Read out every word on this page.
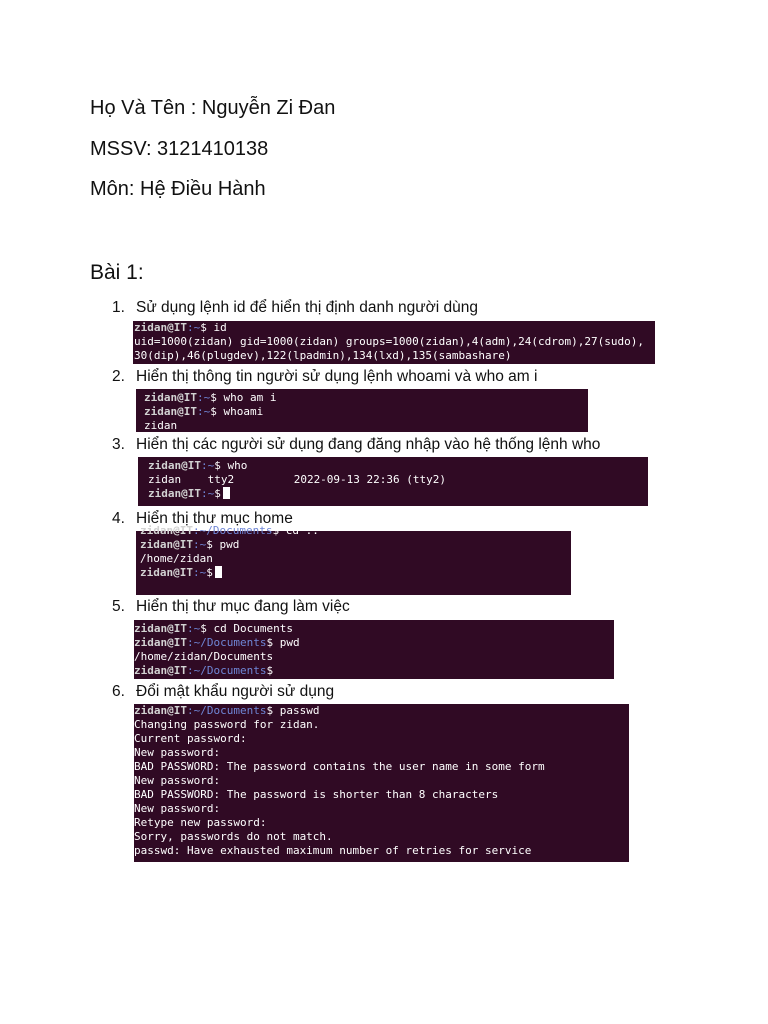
Họ Và Tên : Nguyễn Zi Đan
MSSV: 3121410138
Môn: Hệ Điều Hành
Bài 1:
1. Sử dụng lệnh id để hiển thị định danh người dùng
zidan@IT:~$ id
uid=1000(zidan) gid=1000(zidan) groups=1000(zidan),4(adm),24(cdrom),27(sudo),
30(dip),46(plugdev),122(lpadmin),134(lxd),135(sambashare)
2. Hiển thị thông tin người sử dụng lệnh whoami và who am i
zidan@IT:~$ who am i
zidan@IT:~$ whoami
zidan
3. Hiển thị các người sử dụng đang đăng nhập vào hệ thống lệnh who
zidan@IT:~$ who
zidan    tty2         2022-09-13 22:36 (tty2)
zidan@IT:~$
4. Hiển thị thư mục home
zidan@IT:~/Documents$ cd ..
zidan@IT:~$ pwd
/home/zidan
zidan@IT:~$
5. Hiển thị thư mục đang làm việc
zidan@IT:~$ cd Documents
zidan@IT:~/Documents$ pwd
/home/zidan/Documents
zidan@IT:~/Documents$
6. Đổi mật khẩu người sử dụng
zidan@IT:~/Documents$ passwd
Changing password for zidan.
Current password:
New password:
BAD PASSWORD: The password contains the user name in some form
New password:
BAD PASSWORD: The password is shorter than 8 characters
New password:
Retype new password:
Sorry, passwords do not match.
passwd: Have exhausted maximum number of retries for service
